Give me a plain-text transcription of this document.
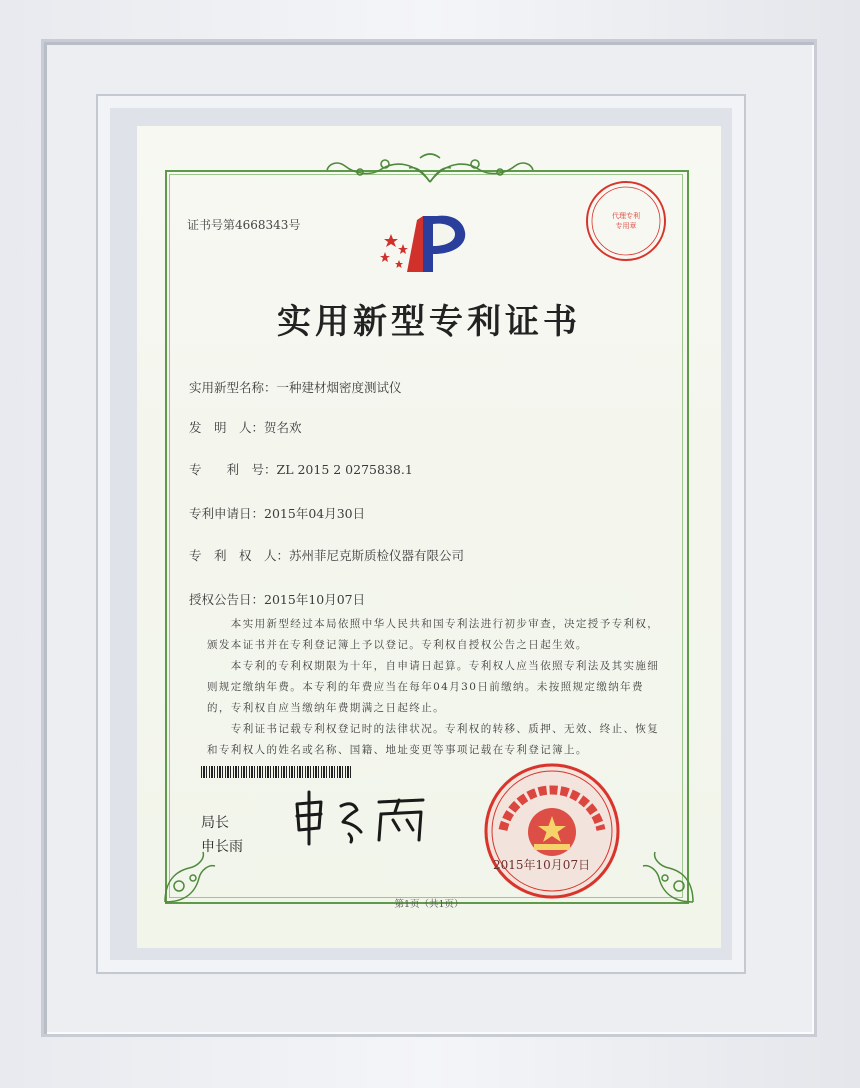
证书号第4668343号
代理专利
专用章
实用新型专利证书
实用新型名称：一种建材烟密度测试仪
发　明　人：贺名欢
专　　利　号：ZL 2015 2 0275838.1
专利申请日：2015年04月30日
专　利　权　人：苏州菲尼克斯质检仪器有限公司
授权公告日：2015年10月07日
　　本实用新型经过本局依照中华人民共和国专利法进行初步审查，决定授予专利权，颁发本证书并在专利登记簿上予以登记。专利权自授权公告之日起生效。
　　本专利的专利权期限为十年，自申请日起算。专利权人应当依照专利法及其实施细则规定缴纳年费。本专利的年费应当在每年04月30日前缴纳。未按照规定缴纳年费的，专利权自应当缴纳年费期满之日起终止。
　　专利证书记载专利权登记时的法律状况。专利权的转移、质押、无效、终止、恢复和专利权人的姓名或名称、国籍、地址变更等事项记载在专利登记簿上。
局长
申长雨
2015年10月07日
第1页（共1页）
